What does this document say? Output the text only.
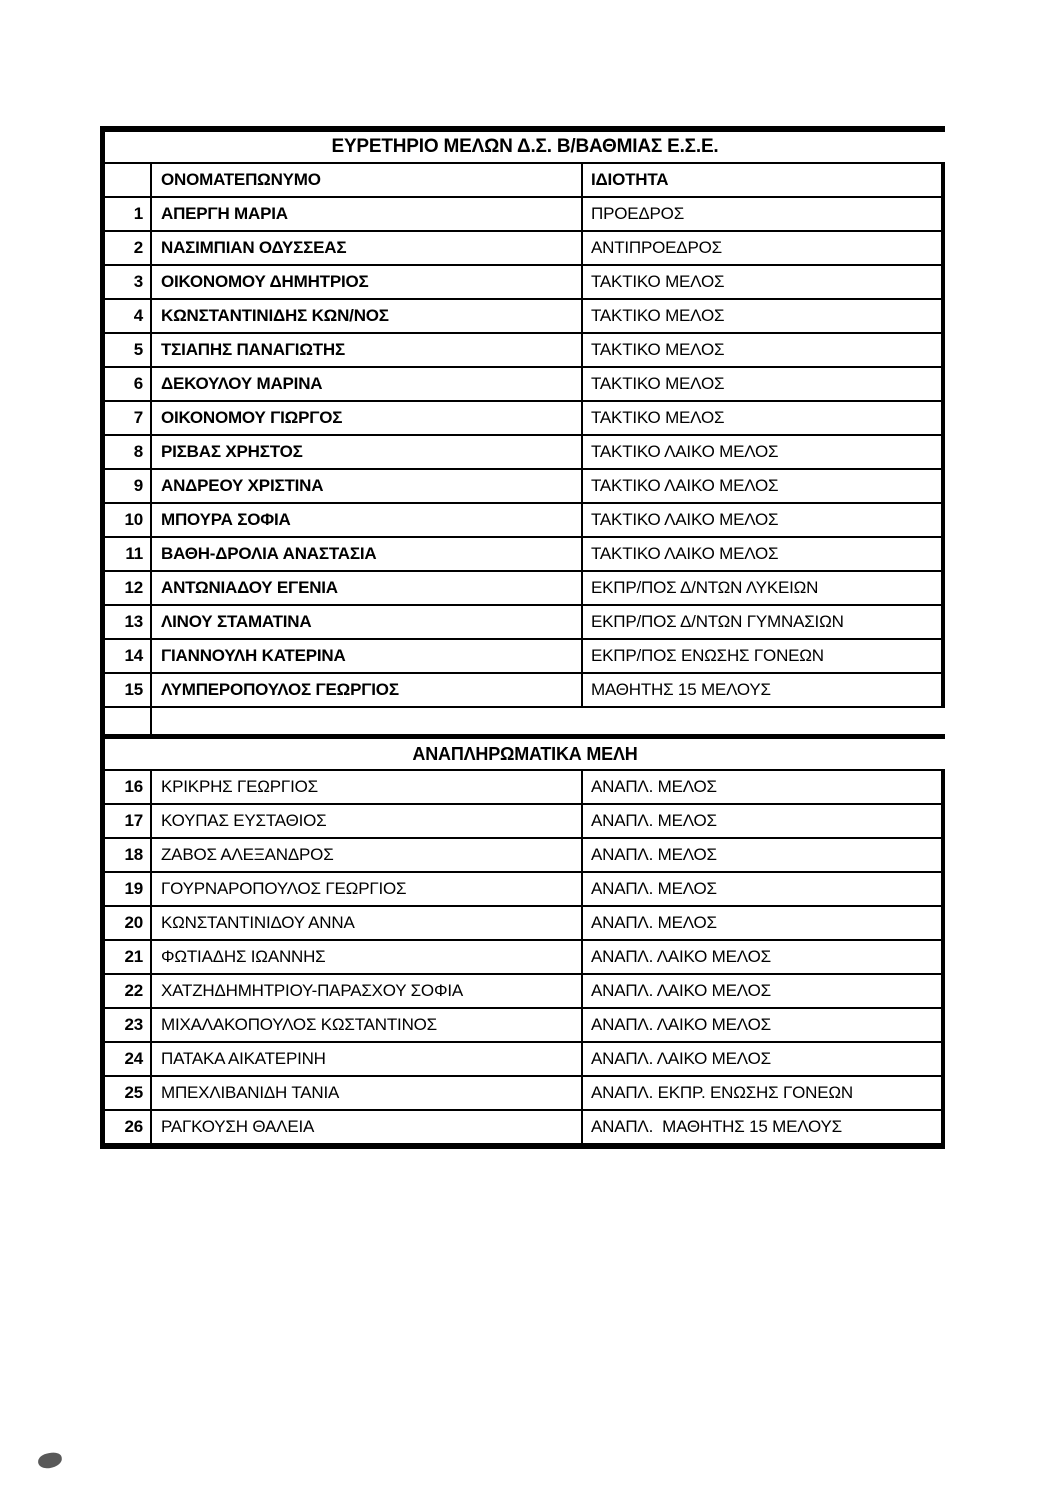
ΕΥΡΕΤΗΡΙΟ ΜΕΛΩΝ Δ.Σ. Β/ΒΑΘΜΙΑΣ Ε.Σ.Ε.
ΟΝΟΜΑΤΕΠΩΝΥΜΟ	ΙΔΙΟΤΗΤΑ
1	ΑΠΕΡΓΗ ΜΑΡΙΑ	ΠΡΟΕΔΡΟΣ
2	ΝΑΣΙΜΠΙΑΝ ΟΔΥΣΣΕΑΣ	ΑΝΤΙΠΡΟΕΔΡΟΣ
3	ΟΙΚΟΝΟΜΟΥ ΔΗΜΗΤΡΙΟΣ	ΤΑΚΤΙΚΟ ΜΕΛΟΣ
4	ΚΩΝΣΤΑΝΤΙΝΙΔΗΣ ΚΩΝ/ΝΟΣ	ΤΑΚΤΙΚΟ ΜΕΛΟΣ
5	ΤΣΙΑΠΗΣ ΠΑΝΑΓΙΩΤΗΣ	ΤΑΚΤΙΚΟ ΜΕΛΟΣ
6	ΔΕΚΟΥΛΟΥ ΜΑΡΙΝΑ	ΤΑΚΤΙΚΟ ΜΕΛΟΣ
7	ΟΙΚΟΝΟΜΟΥ ΓΙΩΡΓΟΣ	ΤΑΚΤΙΚΟ ΜΕΛΟΣ
8	ΡΙΣΒΑΣ ΧΡΗΣΤΟΣ	ΤΑΚΤΙΚΟ ΛΑΙΚΟ ΜΕΛΟΣ
9	ΑΝΔΡΕΟΥ ΧΡΙΣΤΙΝΑ	ΤΑΚΤΙΚΟ ΛΑΙΚΟ ΜΕΛΟΣ
10	ΜΠΟΥΡΑ ΣΟΦΙΑ	ΤΑΚΤΙΚΟ ΛΑΙΚΟ ΜΕΛΟΣ
11	ΒΑΘΗ-ΔΡΟΛΙΑ ΑΝΑΣΤΑΣΙΑ	ΤΑΚΤΙΚΟ ΛΑΙΚΟ ΜΕΛΟΣ
12	ΑΝΤΩΝΙΑΔΟΥ ΕΓΕΝΙΑ	ΕΚΠΡ/ΠΟΣ Δ/ΝΤΩΝ ΛΥΚΕΙΩΝ
13	ΛΙΝΟΥ ΣΤΑΜΑΤΙΝΑ	ΕΚΠΡ/ΠΟΣ Δ/ΝΤΩΝ ΓΥΜΝΑΣΙΩΝ
14	ΓΙΑΝΝΟΥΛΗ ΚΑΤΕΡΙΝΑ	ΕΚΠΡ/ΠΟΣ ΕΝΩΣΗΣ ΓΟΝΕΩΝ
15	ΛΥΜΠΕΡΟΠΟΥΛΟΣ ΓΕΩΡΓΙΟΣ	ΜΑΘΗΤΗΣ 15 ΜΕΛΟΥΣ
ΑΝΑΠΛΗΡΩΜΑΤΙΚΑ ΜΕΛΗ
16	ΚΡΙΚΡΗΣ ΓΕΩΡΓΙΟΣ	ΑΝΑΠΛ. ΜΕΛΟΣ
17	ΚΟΥΠΑΣ ΕΥΣΤΑΘΙΟΣ	ΑΝΑΠΛ. ΜΕΛΟΣ
18	ΖΑΒΟΣ ΑΛΕΞΑΝΔΡΟΣ	ΑΝΑΠΛ. ΜΕΛΟΣ
19	ΓΟΥΡΝΑΡΟΠΟΥΛΟΣ ΓΕΩΡΓΙΟΣ	ΑΝΑΠΛ. ΜΕΛΟΣ
20	ΚΩΝΣΤΑΝΤΙΝΙΔΟΥ ΑΝΝΑ	ΑΝΑΠΛ. ΜΕΛΟΣ
21	ΦΩΤΙΑΔΗΣ ΙΩΑΝΝΗΣ	ΑΝΑΠΛ. ΛΑΙΚΟ ΜΕΛΟΣ
22	ΧΑΤΖΗΔΗΜΗΤΡΙΟΥ-ΠΑΡΑΣΧΟΥ ΣΟΦΙΑ	ΑΝΑΠΛ. ΛΑΙΚΟ ΜΕΛΟΣ
23	ΜΙΧΑΛΑΚΟΠΟΥΛΟΣ ΚΩΣΤΑΝΤΙΝΟΣ	ΑΝΑΠΛ. ΛΑΙΚΟ ΜΕΛΟΣ
24	ΠΑΤΑΚΑ ΑΙΚΑΤΕΡΙΝΗ	ΑΝΑΠΛ. ΛΑΙΚΟ ΜΕΛΟΣ
25	ΜΠΕΧΛΙΒΑΝΙΔΗ ΤΑΝΙΑ	ΑΝΑΠΛ. ΕΚΠΡ. ΕΝΩΣΗΣ ΓΟΝΕΩΝ
26	ΡΑΓΚΟΥΣΗ ΘΑΛΕΙΑ	ΑΝΑΠΛ.  ΜΑΘΗΤΗΣ 15 ΜΕΛΟΥΣ
